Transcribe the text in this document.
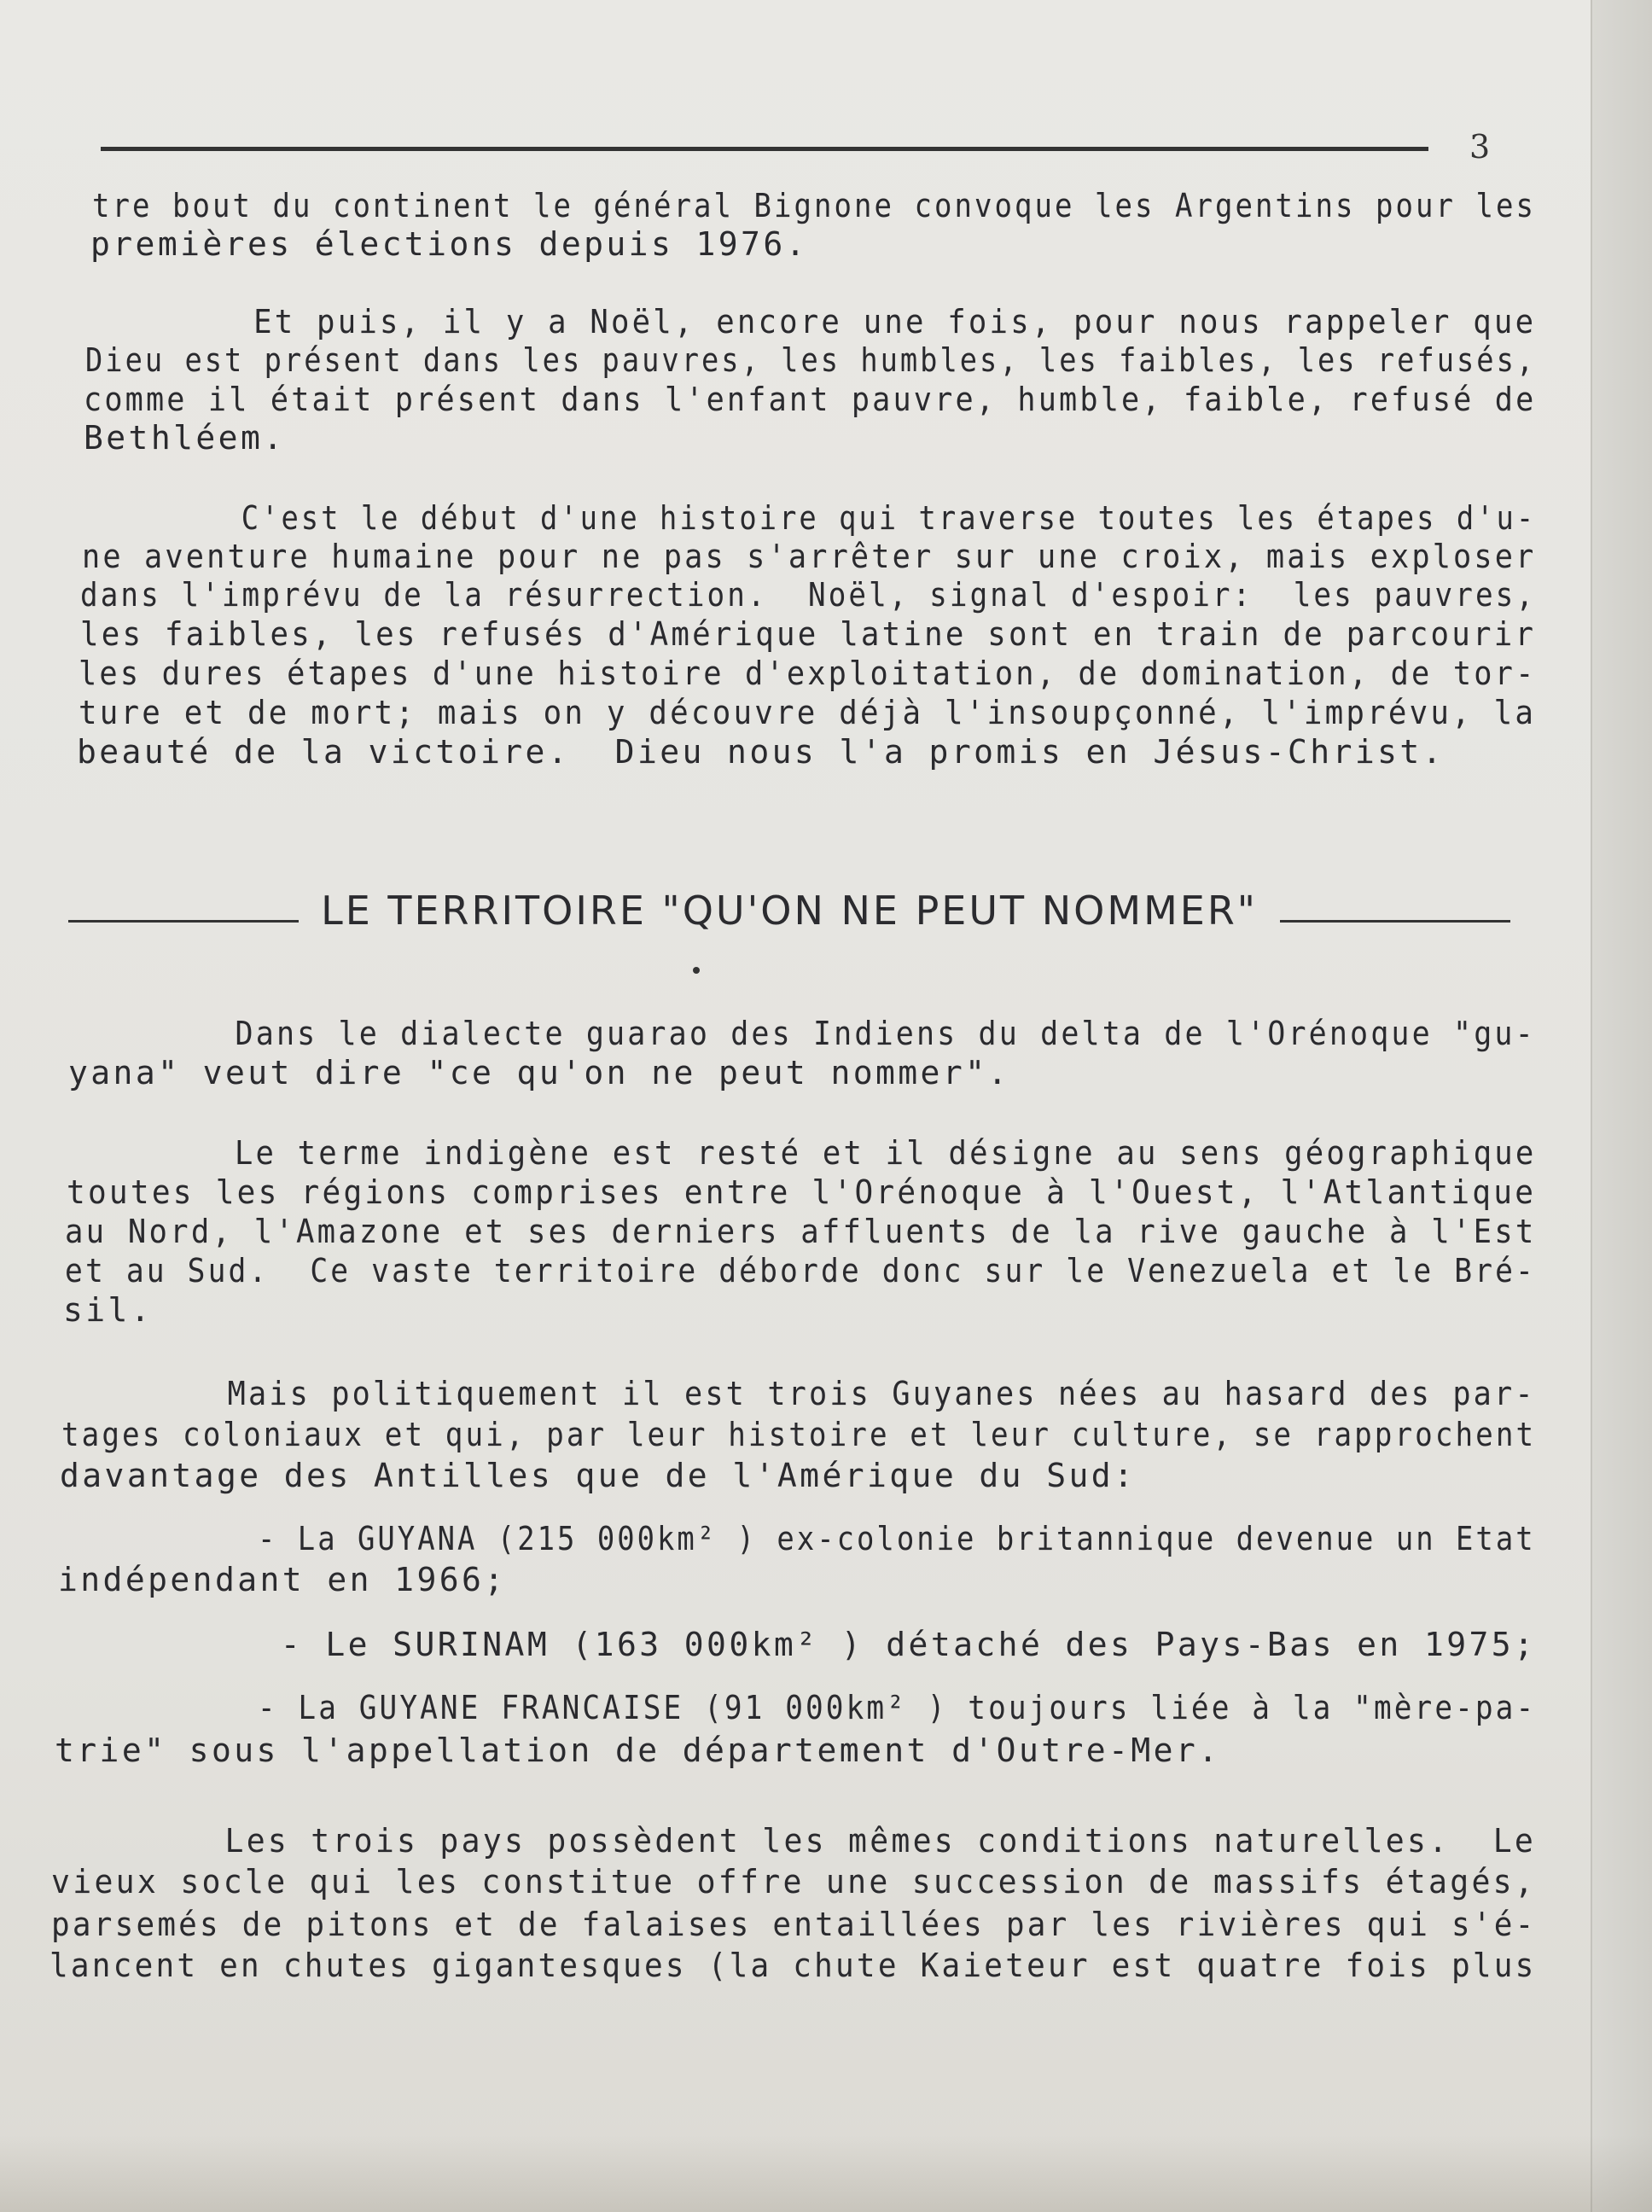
3
tre bout du continent le général Bignone convoque les Argentins pour les
premières élections depuis 1976.
Et puis, il y a Noël, encore une fois, pour nous rappeler que
Dieu est présent dans les pauvres, les humbles, les faibles, les refusés,
comme il était présent dans l'enfant pauvre, humble, faible, refusé de
Bethléem.
C'est le début d'une histoire qui traverse toutes les étapes d'u-
ne aventure humaine pour ne pas s'arrêter sur une croix, mais exploser
dans l'imprévu de la résurrection.  Noël, signal d'espoir:  les pauvres,
les faibles, les refusés d'Amérique latine sont en train de parcourir
les dures étapes d'une histoire d'exploitation, de domination, de tor-
ture et de mort; mais on y découvre déjà l'insoupçonné, l'imprévu, la
beauté de la victoire.  Dieu nous l'a promis en Jésus-Christ.
LE TERRITOIRE "QU'ON NE PEUT NOMMER"
Dans le dialecte guarao des Indiens du delta de l'Orénoque "gu-
yana" veut dire "ce qu'on ne peut nommer".
Le terme indigène est resté et il désigne au sens géographique
toutes les régions comprises entre l'Orénoque à l'Ouest, l'Atlantique
au Nord, l'Amazone et ses derniers affluents de la rive gauche à l'Est
et au Sud.  Ce vaste territoire déborde donc sur le Venezuela et le Bré-
sil.
Mais politiquement il est trois Guyanes nées au hasard des par-
tages coloniaux et qui, par leur histoire et leur culture, se rapprochent
davantage des Antilles que de l'Amérique du Sud:
- La GUYANA (215 000km² ) ex-colonie britannique devenue un Etat
indépendant en 1966;
- Le SURINAM (163 000km² ) détaché des Pays-Bas en 1975;
- La GUYANE FRANCAISE (91 000km² ) toujours liée à la "mère-pa-
trie" sous l'appellation de département d'Outre-Mer.
Les trois pays possèdent les mêmes conditions naturelles.  Le
vieux socle qui les constitue offre une succession de massifs étagés,
parsemés de pitons et de falaises entaillées par les rivières qui s'é-
lancent en chutes gigantesques (la chute Kaieteur est quatre fois plus
